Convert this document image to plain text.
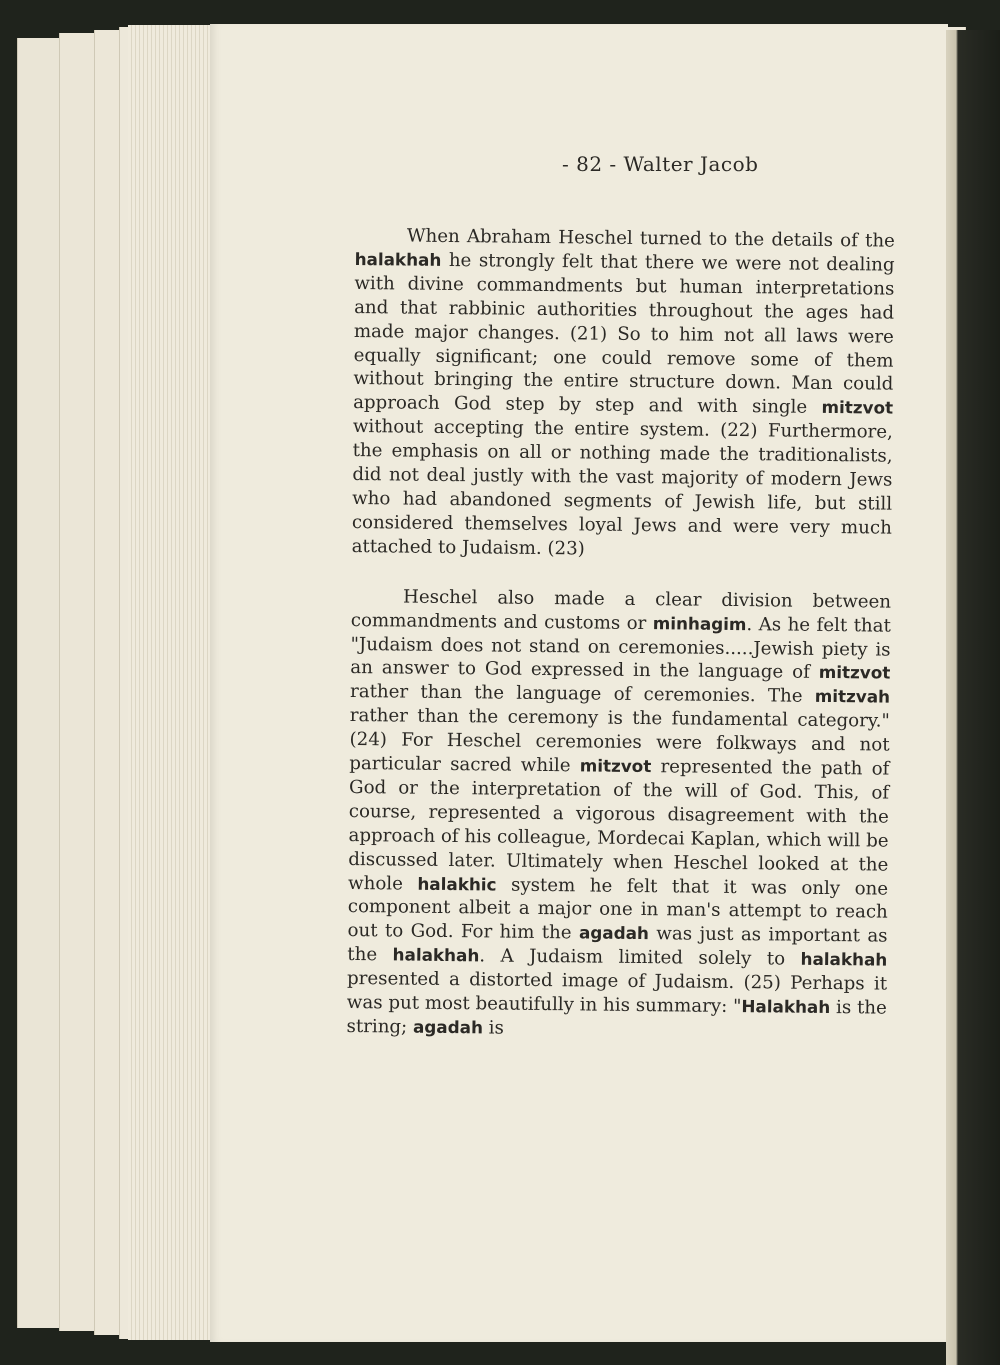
- 82 - Walter Jacob

When Abraham Heschel turned to the details of the halakhah he strongly felt that there we were not dealing with divine commandments but human interpretations and that rabbinic authorities throughout the ages had made major changes. (21) So to him not all laws were equally significant; one could remove some of them without bringing the entire structure down. Man could approach God step by step and with single mitzvot without accepting the entire system. (22) Furthermore, the emphasis on all or nothing made the traditionalists, did not deal justly with the vast majority of modern Jews who had abandoned segments of Jewish life, but still considered themselves loyal Jews and were very much attached to Judaism. (23)

Heschel also made a clear division between commandments and customs or minhagim. As he felt that "Judaism does not stand on ceremonies.....Jewish piety is an answer to God expressed in the language of mitzvot rather than the language of ceremonies. The mitzvah rather than the ceremony is the fundamental category." (24) For Heschel ceremonies were folkways and not particular sacred while mitzvot represented the path of God or the interpretation of the will of God. This, of course, represented a vigorous disagreement with the approach of his colleague, Mordecai Kaplan, which will be discussed later. Ultimately when Heschel looked at the whole halakhic system he felt that it was only one component albeit a major one in man's attempt to reach out to God. For him the agadah was just as important as the halakhah. A Judaism limited solely to halakhah presented a distorted image of Judaism. (25) Perhaps it was put most beautifully in his summary: "Halakhah is the string; agadah is
